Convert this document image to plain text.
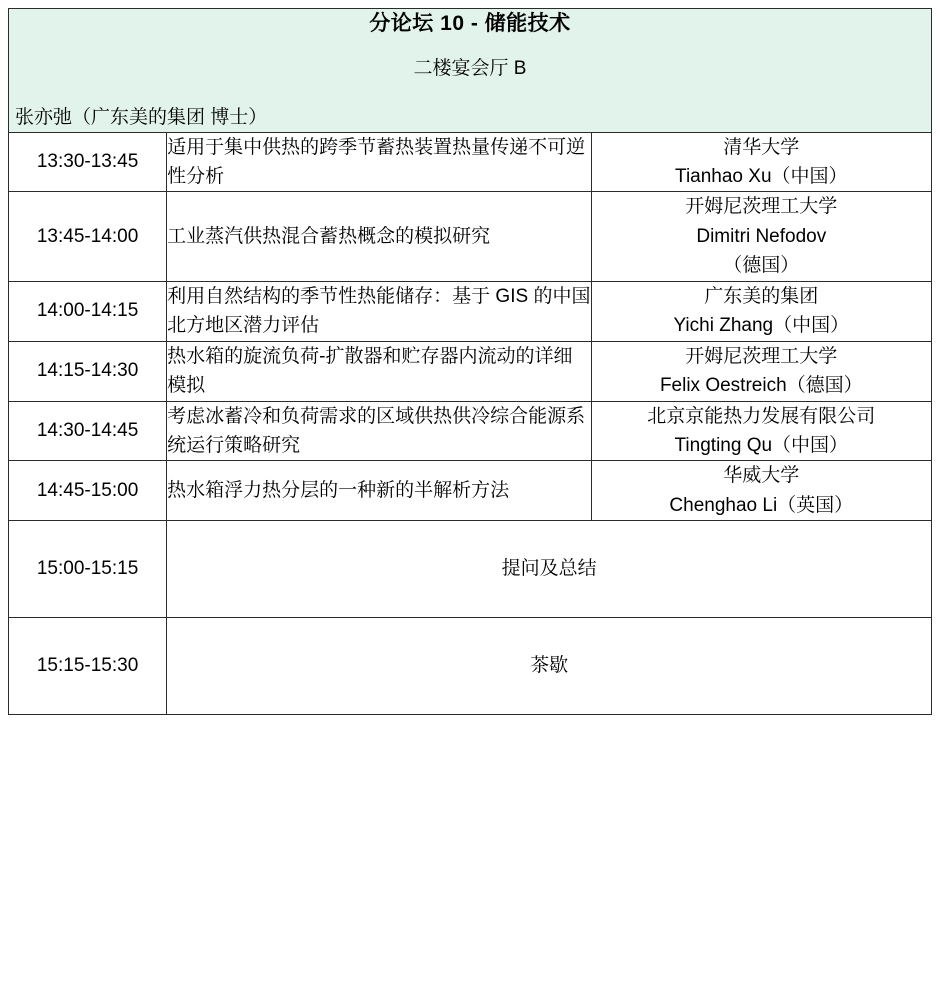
分论坛 10 - 储能技术
二楼宴会厅 B
张亦弛（广东美的集团 博士）		

13:30-13:45	适用于集中供热的跨季节蓄热装置热量传递不可逆性分析	清华大学
Tianhao Xu（中国）

13:45-14:00	工业蒸汽供热混合蓄热概念的模拟研究	开姆尼茨理工大学
Dimitri Nefodov
（德国）

14:00-14:15	利用自然结构的季节性热能储存：基于 GIS 的中国北方地区潜力评估	广东美的集团
Yichi Zhang（中国）

14:15-14:30	热水箱的旋流负荷-扩散器和贮存器内流动的详细模拟	开姆尼茨理工大学
Felix Oestreich（德国）

14:30-14:45	考虑冰蓄冷和负荷需求的区域供热供冷综合能源系统运行策略研究	北京京能热力发展有限公司
Tingting Qu（中国）

14:45-15:00	热水箱浮力热分层的一种新的半解析方法	华威大学
Chenghao Li（英国）

15:00-15:15	提问及总结	
15:15-15:30	茶歇	
